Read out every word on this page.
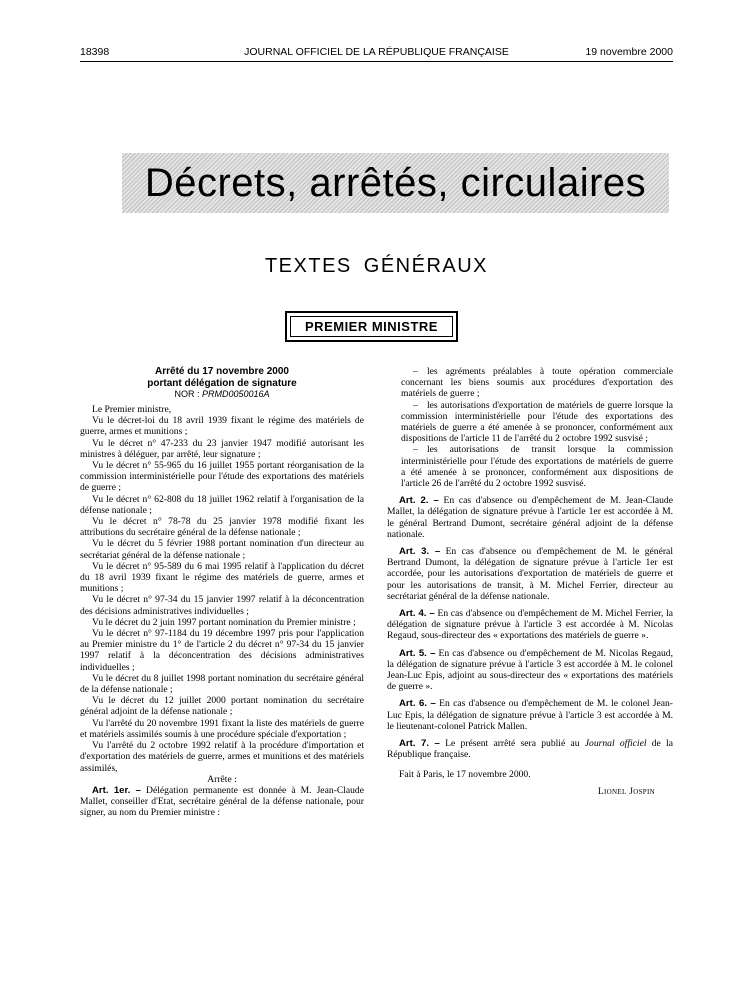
18398	JOURNAL OFFICIEL DE LA RÉPUBLIQUE FRANÇAISE	19 novembre 2000
Décrets, arrêtés, circulaires
TEXTES GÉNÉRAUX
PREMIER MINISTRE
Arrêté du 17 novembre 2000
portant délégation de signature
NOR : PRMD0050016A

Le Premier ministre,

Vu le décret-loi du 18 avril 1939 fixant le régime des matériels de guerre, armes et munitions ;

Vu le décret n° 47-233 du 23 janvier 1947 modifié autorisant les ministres à déléguer, par arrêté, leur signature ;

Vu le décret n° 55-965 du 16 juillet 1955 portant réorganisation de la commission interministérielle pour l'étude des exportations des matériels de guerre ;

Vu le décret n° 62-808 du 18 juillet 1962 relatif à l'organisation de la défense nationale ;

Vu le décret n° 78-78 du 25 janvier 1978 modifié fixant les attributions du secrétaire général de la défense nationale ;

Vu le décret du 5 février 1988 portant nomination d'un directeur au secrétariat général de la défense nationale ;

Vu le décret n° 95-589 du 6 mai 1995 relatif à l'application du décret du 18 avril 1939 fixant le régime des matériels de guerre, armes et munitions ;

Vu le décret n° 97-34 du 15 janvier 1997 relatif à la déconcentration des décisions administratives individuelles ;

Vu le décret du 2 juin 1997 portant nomination du Premier ministre ;

Vu le décret n° 97-1184 du 19 décembre 1997 pris pour l'application au Premier ministre du 1° de l'article 2 du décret n° 97-34 du 15 janvier 1997 relatif à la déconcentration des décisions administratives individuelles ;

Vu le décret du 8 juillet 1998 portant nomination du secrétaire général de la défense nationale ;

Vu le décret du 12 juillet 2000 portant nomination du secrétaire général adjoint de la défense nationale ;

Vu l'arrêté du 20 novembre 1991 fixant la liste des matériels de guerre et matériels assimilés soumis à une procédure spéciale d'exportation ;

Vu l'arrêté du 2 octobre 1992 relatif à la procédure d'importation et d'exportation des matériels de guerre, armes et munitions et des matériels assimilés,

Arrête :

Art. 1er. – Délégation permanente est donnée à M. Jean-Claude Mallet, conseiller d'Etat, secrétaire général de la défense nationale, pour signer, au nom du Premier ministre :

– les agréments préalables à toute opération commerciale concernant les biens soumis aux procédures d'exportation des matériels de guerre ;

– les autorisations d'exportation de matériels de guerre lorsque la commission interministérielle pour l'étude des exportations des matériels de guerre a été amenée à se prononcer, conformément aux dispositions de l'article 11 de l'arrêté du 2 octobre 1992 susvisé ;

– les autorisations de transit lorsque la commission interministérielle pour l'étude des exportations de matériels de guerre a été amenée à se prononcer, conformément aux dispositions de l'article 26 de l'arrêté du 2 octobre 1992 susvisé.

Art. 2. – En cas d'absence ou d'empêchement de M. Jean-Claude Mallet, la délégation de signature prévue à l'article 1er est accordée à M. le général Bertrand Dumont, secrétaire général adjoint de la défense nationale.

Art. 3. – En cas d'absence ou d'empêchement de M. le général Bertrand Dumont, la délégation de signature prévue à l'article 1er est accordée, pour les autorisations d'exportation de matériels de guerre et pour les autorisations de transit, à M. Michel Ferrier, directeur au secrétariat général de la défense nationale.

Art. 4. – En cas d'absence ou d'empêchement de M. Michel Ferrier, la délégation de signature prévue à l'article 3 est accordée à M. Nicolas Regaud, sous-directeur des « exportations des matériels de guerre ».

Art. 5. – En cas d'absence ou d'empêchement de M. Nicolas Regaud, la délégation de signature prévue à l'article 3 est accordée à M. le colonel Jean-Luc Epis, adjoint au sous-directeur des « exportations des matériels de guerre ».

Art. 6. – En cas d'absence ou d'empêchement de M. le colonel Jean-Luc Epis, la délégation de signature prévue à l'article 3 est accordée à M. le lieutenant-colonel Patrick Mallen.

Art. 7. – Le présent arrêté sera publié au Journal officiel de la République française.

Fait à Paris, le 17 novembre 2000.

Lionel Jospin
